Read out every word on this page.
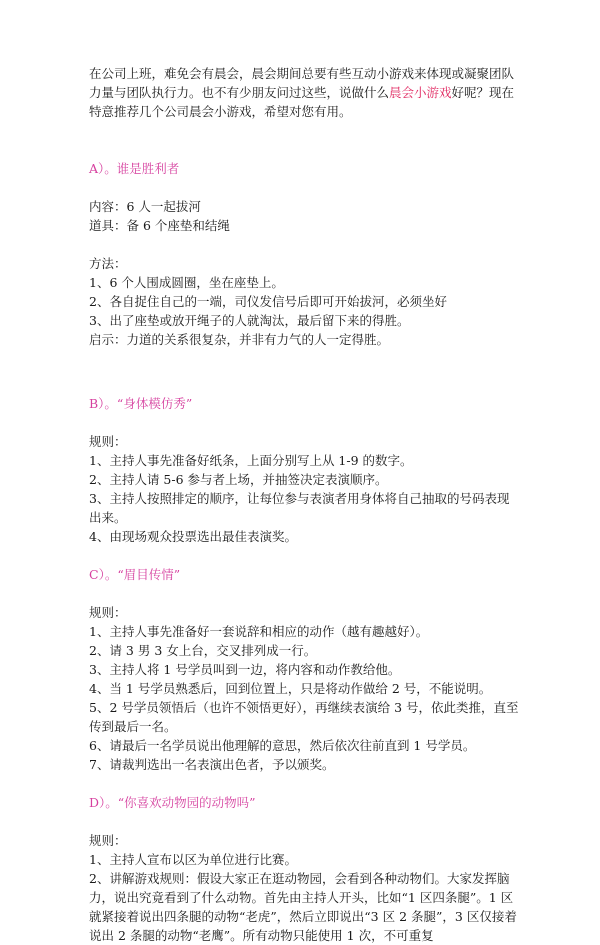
在公司上班，难免会有晨会，晨会期间总要有些互动小游戏来体现或凝聚团队力量与团队执行力。也不有少朋友问过这些，说做什么晨会小游戏好呢？现在特意推荐几个公司晨会小游戏，希望对您有用。

A）。谁是胜利者

内容：6 人一起拔河

道具：备 6 个座垫和结绳

方法：

1、6 个人围成圆圈，坐在座垫上。

2、各自捉住自己的一端，司仪发信号后即可开始拔河，必须坐好

3、出了座垫或放开绳子的人就淘汰，最后留下来的得胜。

启示：力道的关系很复杂，并非有力气的人一定得胜。

B）。“身体模仿秀”

规则：

1、主持人事先准备好纸条，上面分别写上从 1-9 的数字。

2、主持人请 5-6 参与者上场，并抽签决定表演顺序。

3、主持人按照排定的顺序，让每位参与表演者用身体将自己抽取的号码表现出来。

4、由现场观众投票选出最佳表演奖。

C）。“眉目传情”

规则：

1、主持人事先准备好一套说辞和相应的动作（越有趣越好）。

2、请 3 男 3 女上台，交叉排列成一行。

3、主持人将 1 号学员叫到一边，将内容和动作教给他。

4、当 1 号学员熟悉后，回到位置上，只是将动作做给 2 号，不能说明。

5、2 号学员领悟后（也许不领悟更好），再继续表演给 3 号，依此类推，直至传到最后一名。

6、请最后一名学员说出他理解的意思，然后依次往前直到 1 号学员。

7、请裁判选出一名表演出色者，予以颁奖。

D）。“你喜欢动物园的动物吗”

规则：

1、主持人宣布以区为单位进行比赛。

2、讲解游戏规则：假设大家正在逛动物园，会看到各种动物们。大家发挥脑力，说出究竟看到了什么动物。首先由主持人开头，比如“1 区四条腿”。1 区就紧接着说出四条腿的动物“老虎”，然后立即说出“3 区 2 条腿”，3 区仅接着说出 2 条腿的动物“老鹰”。所有动物只能使用 1 次，不可重复
